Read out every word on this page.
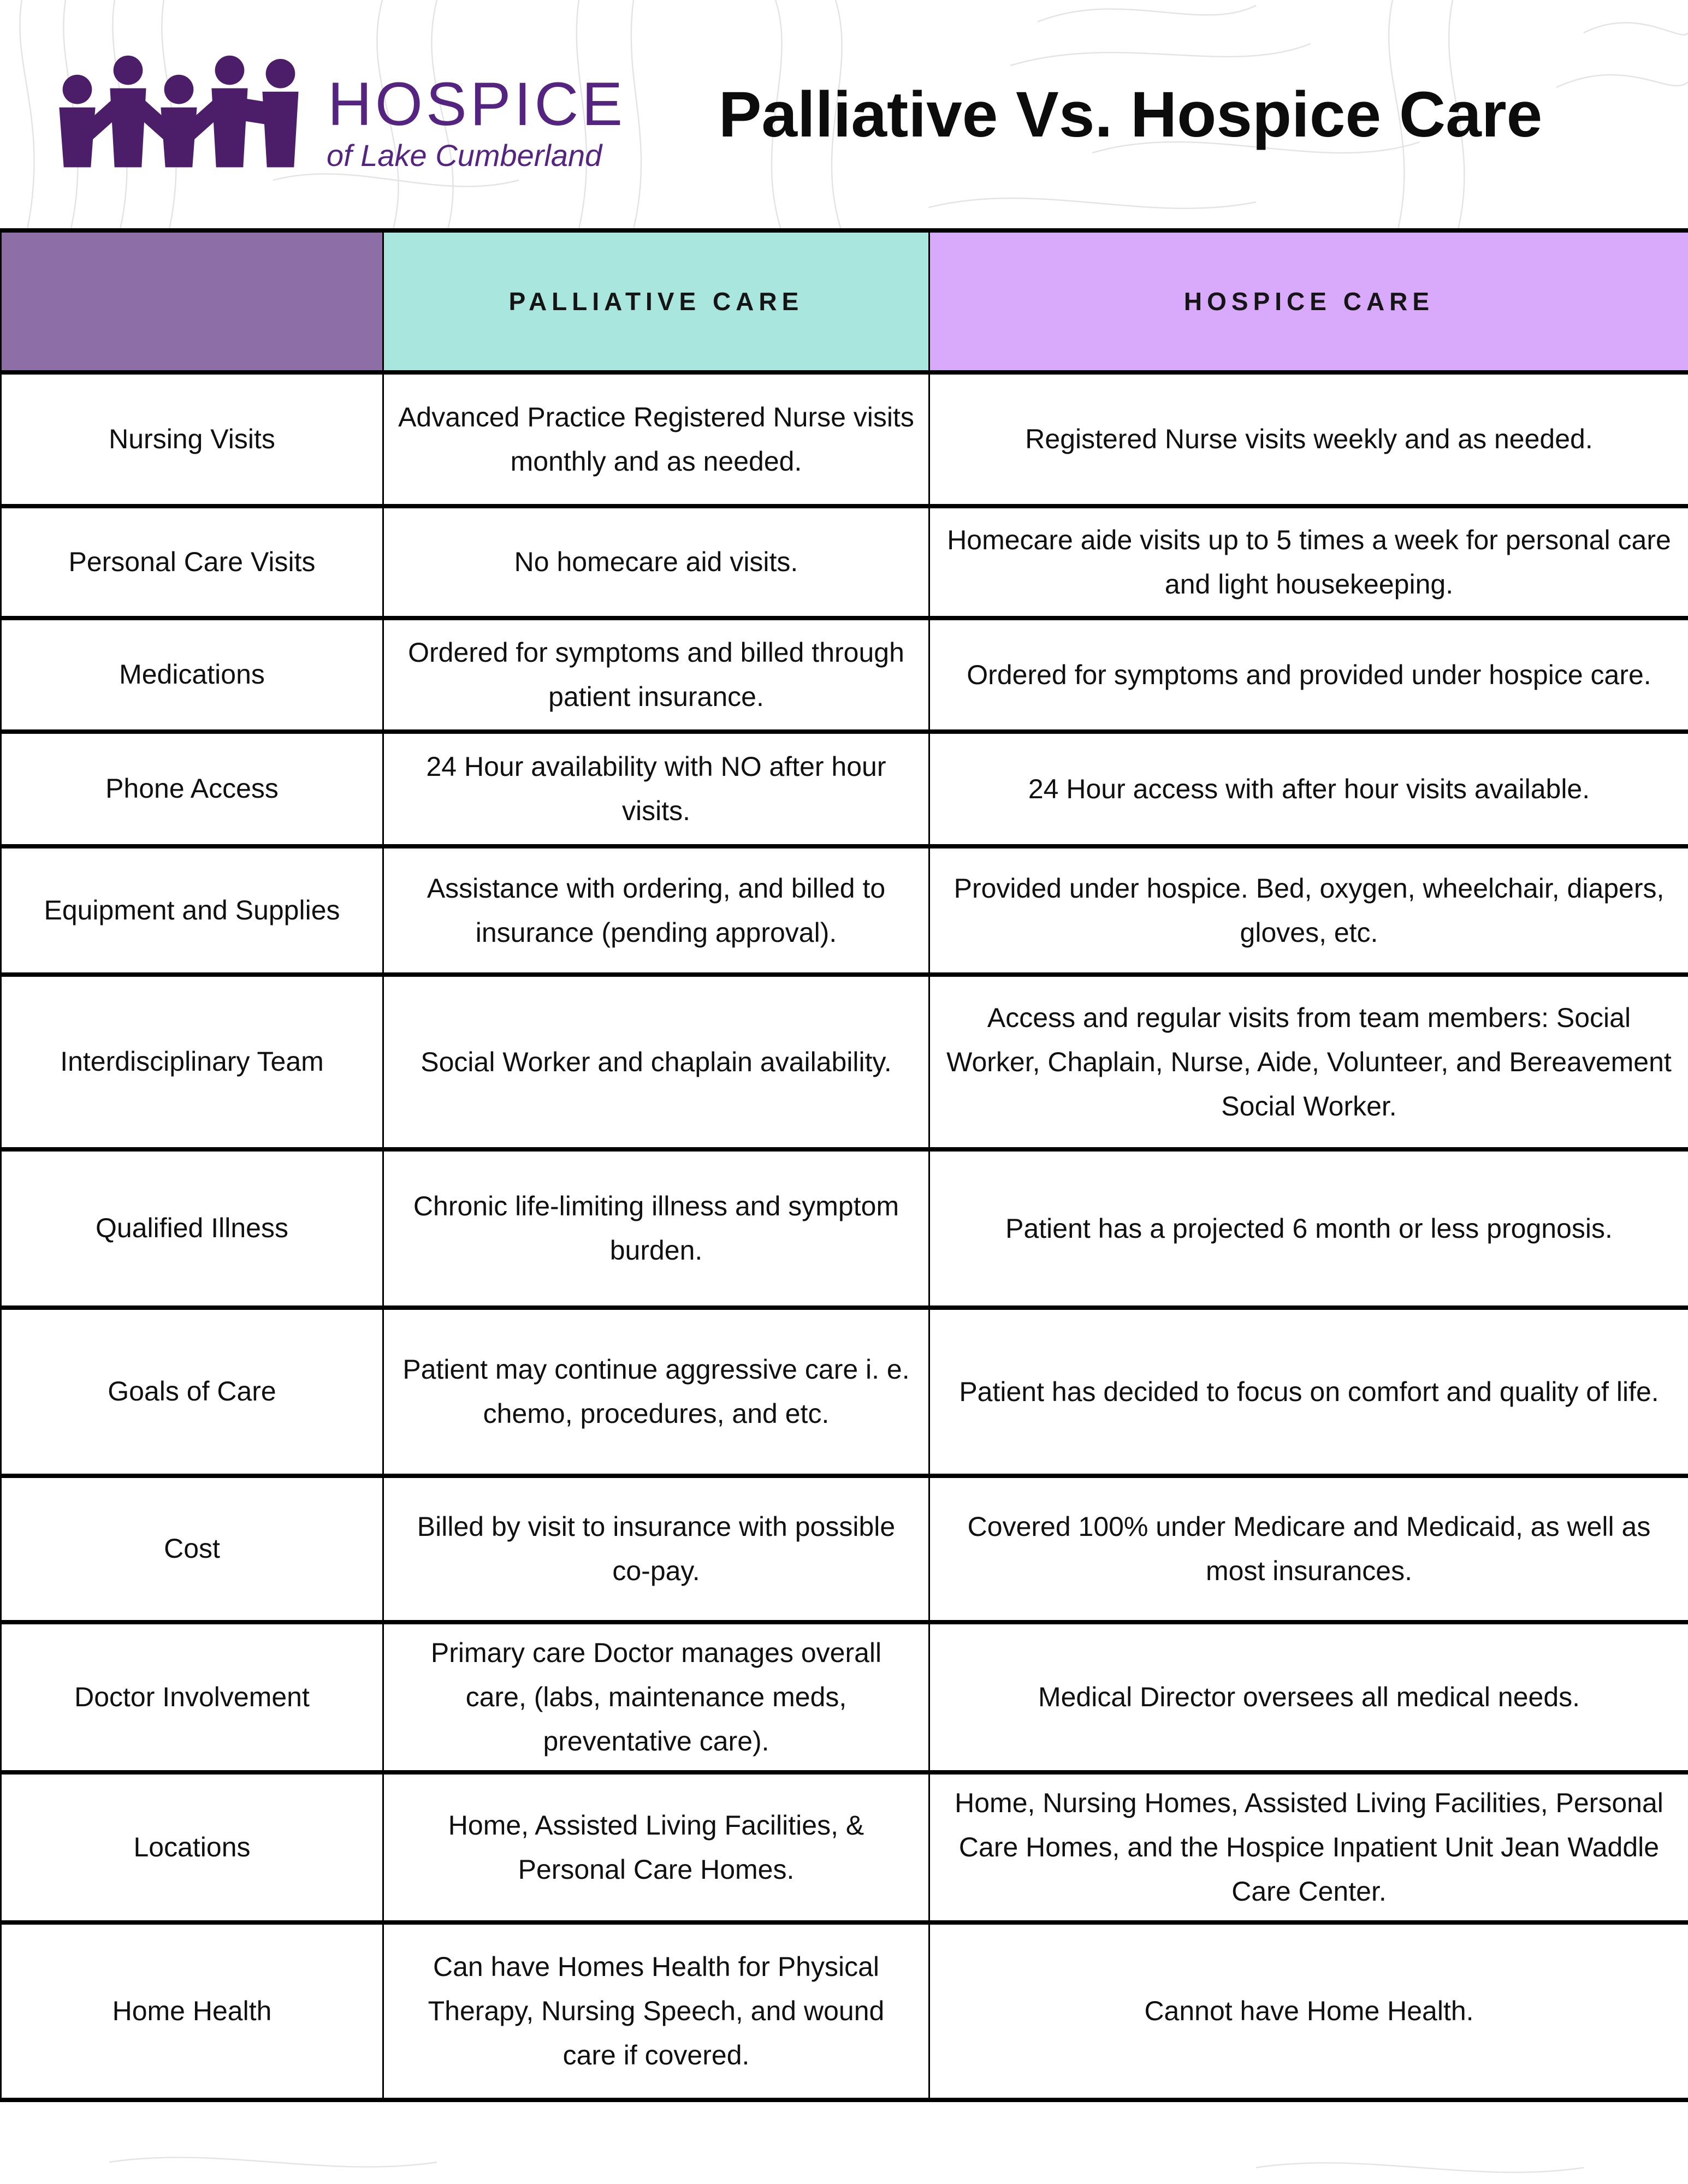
HOSPICE
of Lake Cumberland
Palliative Vs. Hospice Care
	PALLIATIVE CARE	HOSPICE CARE
Nursing Visits	Advanced Practice Registered Nurse visits monthly and as needed.	Registered Nurse visits weekly and as needed.
Personal Care Visits	No homecare aid visits.	Homecare aide visits up to 5 times a week for personal care and light housekeeping.
Medications	Ordered for symptoms and billed through patient insurance.	Ordered for symptoms and provided under hospice care.
Phone Access	24 Hour availability with NO after hour visits.	24 Hour access with after hour visits available.
Equipment and Supplies	Assistance with ordering, and billed to insurance (pending approval).	Provided under hospice. Bed, oxygen, wheelchair, diapers, gloves, etc.
Interdisciplinary Team	Social Worker and chaplain availability.	Access and regular visits from team members: Social Worker, Chaplain, Nurse, Aide, Volunteer, and Bereavement Social Worker.
Qualified Illness	Chronic life-limiting illness and symptom burden.	Patient has a projected 6 month or less prognosis.
Goals of Care	Patient may continue aggressive care i. e. chemo, procedures, and etc.	Patient has decided to focus on comfort and quality of life.
Cost	Billed by visit to insurance with possible co-pay.	Covered 100% under Medicare and Medicaid, as well as most insurances.
Doctor Involvement	Primary care Doctor manages overall care, (labs, maintenance meds, preventative care).	Medical Director oversees all medical needs.
Locations	Home, Assisted Living Facilities, & Personal Care Homes.	Home, Nursing Homes, Assisted Living Facilities, Personal Care Homes, and the Hospice Inpatient Unit Jean Waddle Care Center.
Home Health	Can have Homes Health for Physical Therapy, Nursing Speech, and wound care if covered.	Cannot have Home Health.
